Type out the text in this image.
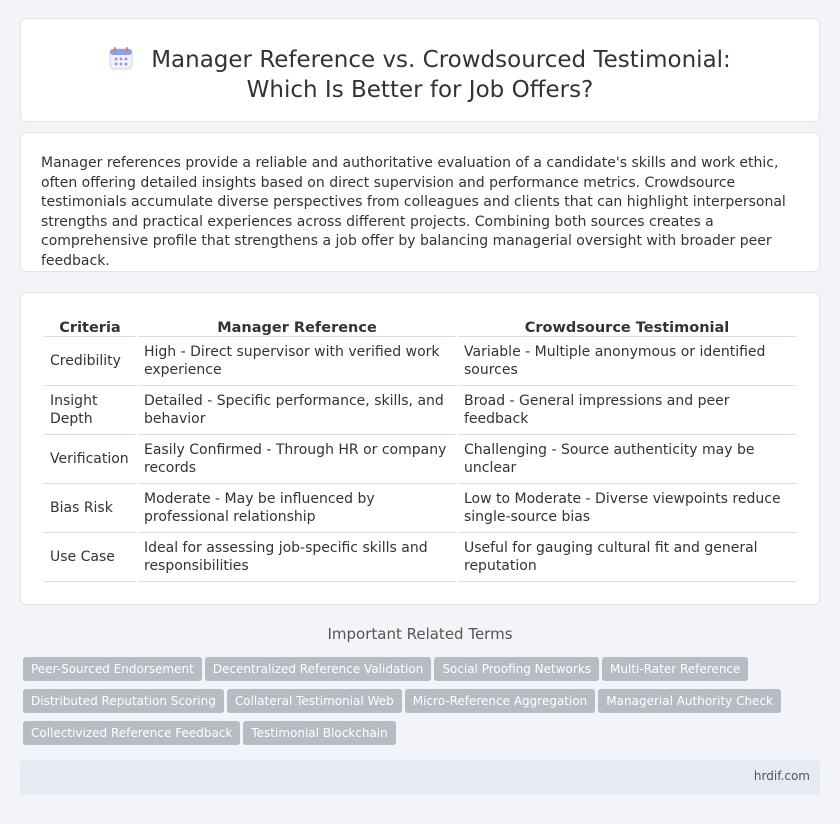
Manager Reference vs. Crowdsourced Testimonial: Which Is Better for Job Offers?

Manager references provide a reliable and authoritative evaluation of a candidate's skills and work ethic, often offering detailed insights based on direct supervision and performance metrics. Crowdsource testimonials accumulate diverse perspectives from colleagues and clients that can highlight interpersonal strengths and practical experiences across different projects. Combining both sources creates a comprehensive profile that strengthens a job offer by balancing managerial oversight with broader peer feedback.

Criteria	Manager Reference	Crowdsource Testimonial
Credibility	High - Direct supervisor with verified work experience	Variable - Multiple anonymous or identified sources
Insight Depth	Detailed - Specific performance, skills, and behavior	Broad - General impressions and peer feedback
Verification	Easily Confirmed - Through HR or company records	Challenging - Source authenticity may be unclear
Bias Risk	Moderate - May be influenced by professional relationship	Low to Moderate - Diverse viewpoints reduce single-source bias
Use Case	Ideal for assessing job-specific skills and responsibilities	Useful for gauging cultural fit and general reputation
Important Related Terms
Peer-Sourced Endorsement Decentralized Reference Validation Social Proofing Networks Multi-Rater Reference
Distributed Reputation Scoring Collateral Testimonial Web Micro-Reference Aggregation Managerial Authority Check
Collectivized Reference Feedback Testimonial Blockchain
hrdif.com
